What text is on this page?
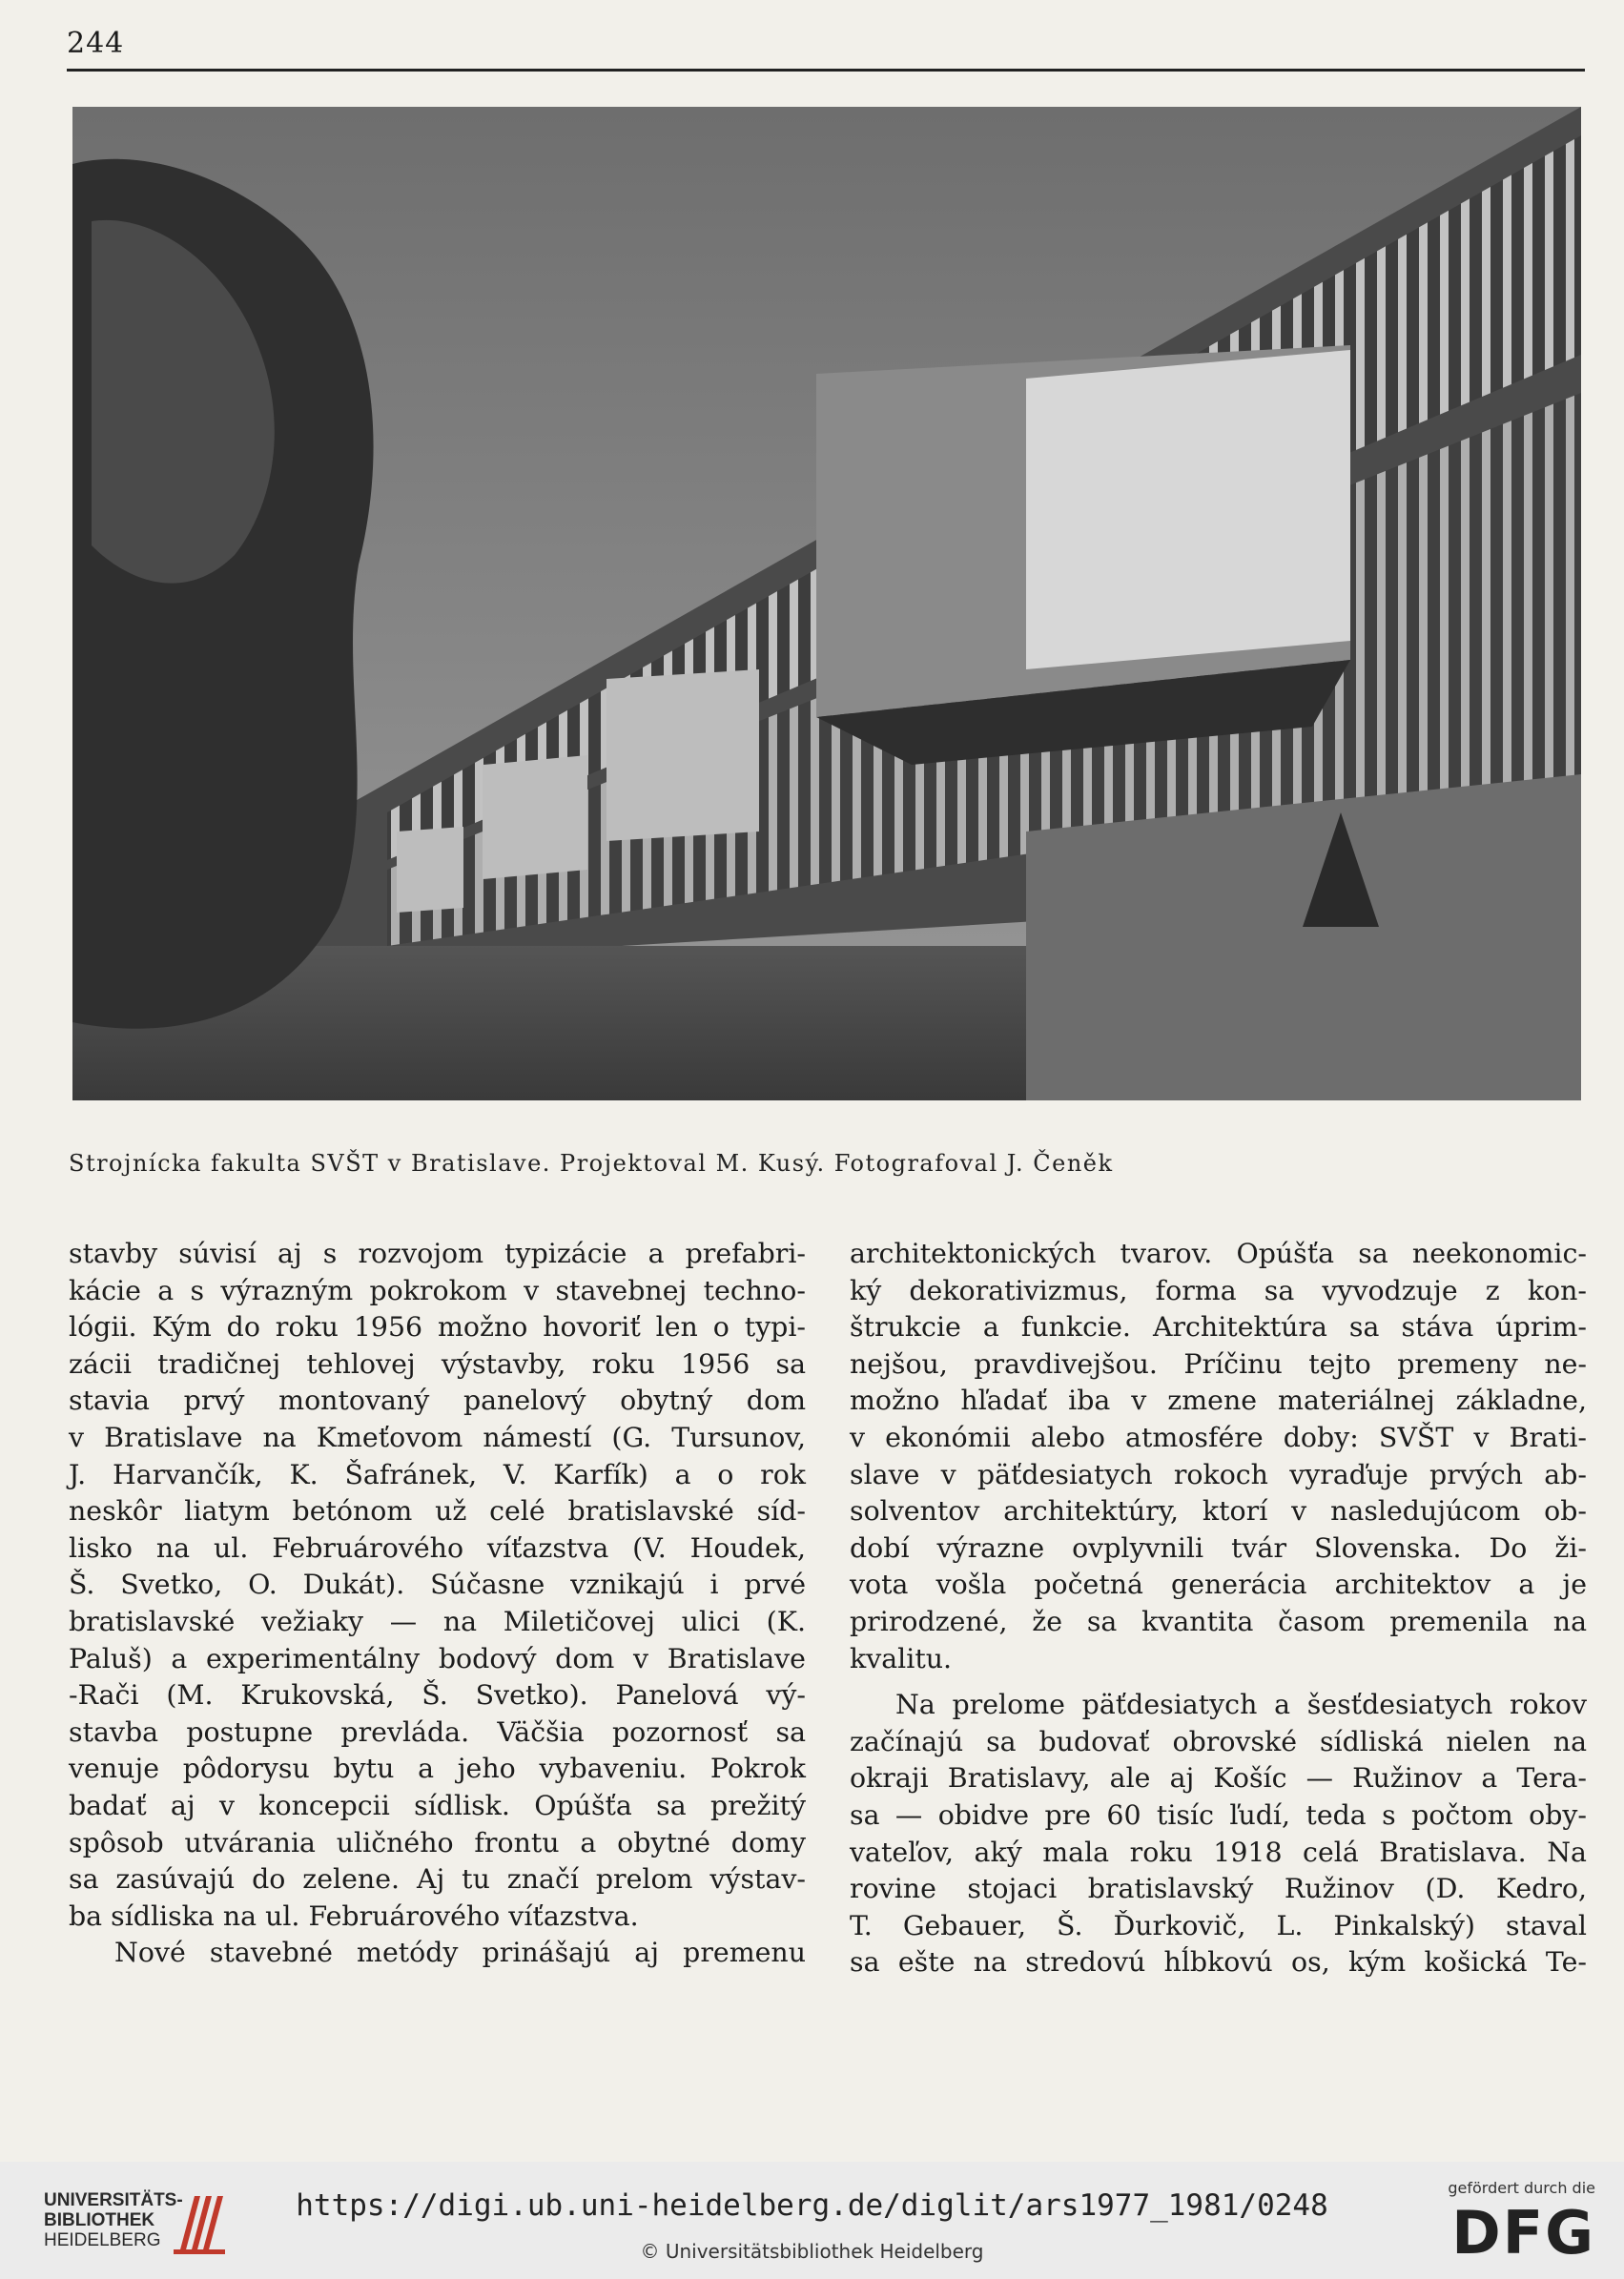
244
Strojnícka fakulta SVŠT v Bratislave. Projektoval M. Kusý. Fotografoval J. Čeněk
stavby súvisí aj s rozvojom typizácie a prefabri-
kácie a s výrazným pokrokom v stavebnej techno-
lógii. Kým do roku 1956 možno hovoriť len o typi-
zácii tradičnej tehlovej výstavby, roku 1956 sa
stavia prvý montovaný panelový obytný dom
v Bratislave na Kmeťovom námestí (G. Tursunov,
J. Harvančík, K. Šafránek, V. Karfík) a o rok
neskôr liatym betónom už celé bratislavské síd-
lisko na ul. Februárového víťazstva (V. Houdek,
Š. Svetko, O. Dukát). Súčasne vznikajú i prvé
bratislavské vežiaky — na Miletičovej ulici (K.
Paluš) a experimentálny bodový dom v Bratislave
-Rači (M. Krukovská, Š. Svetko). Panelová vý-
stavba postupne prevláda. Väčšia pozornosť sa
venuje pôdorysu bytu a jeho vybaveniu. Pokrok
badať aj v koncepcii sídlisk. Opúšťa sa prežitý
spôsob utvárania uličného frontu a obytné domy
sa zasúvajú do zelene. Aj tu značí prelom výstav-
ba sídliska na ul. Februárového víťazstva.
Nové stavebné metódy prinášajú aj premenu
architektonických tvarov. Opúšťa sa neekonomic-
ký dekorativizmus, forma sa vyvodzuje z kon-
štrukcie a funkcie. Architektúra sa stáva úprim-
nejšou, pravdivejšou. Príčinu tejto premeny ne-
možno hľadať iba v zmene materiálnej základne,
v ekonómii alebo atmosfére doby: SVŠT v Brati-
slave v päťdesiatych rokoch vyraďuje prvých ab-
solventov architektúry, ktorí v nasledujúcom ob-
dobí výrazne ovplyvnili tvár Slovenska. Do ži-
vota vošla početná generácia architektov a je
prirodzené, že sa kvantita časom premenila na
kvalitu.
Na prelome päťdesiatych a šesťdesiatych rokov
začínajú sa budovať obrovské sídliská nielen na
okraji Bratislavy, ale aj Košíc — Ružinov a Tera-
sa — obidve pre 60 tisíc ľudí, teda s počtom oby-
vateľov, aký mala roku 1918 celá Bratislava. Na
rovine stojaci bratislavský Ružinov (D. Kedro,
T. Gebauer, Š. Ďurkovič, L. Pinkalský) staval
sa ešte na stredovú hĺbkovú os, kým košická Te-
UNIVERSITÄTS-
BIBLIOTHEK
HEIDELBERG
https://digi.ub.uni-heidelberg.de/diglit/ars1977_1981/0248
© Universitätsbibliothek Heidelberg
gefördert durch die
DFG
